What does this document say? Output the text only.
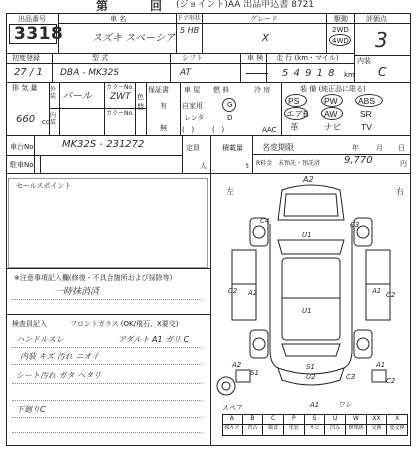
第	回 (ジョイント)AA 出品申込書 8721
出品番号
3318
車 名
スズキ スペーシア
ドア形状
5 HB
グレード
X
駆動
2WD
4WD
評価点
3
初度登録	型 式	シフト	車 検 走 行 (km・マイル)
27 / 1 DBA - MK32S	AT	5 4 9 1 8 km
内装
C
排 気 量
660 cc
外装
内装
パール
カラーNo.
ZWT
カラーNo.
色替
保証書
有
無
車 屋
自家用
レンタ
(   )
燃 料
G
D
(   )
冷 房
AAC
装 備 (純正品に限る)
PS	PW ABS
エアB AW	SR
革	ナビ TV
車台No	MK32S - 231272	定員
人
積載量
t
名変期限	年 月 日
R料金 未預託・預託済 9,770	円
駐車No
セールスポイント
※注意事項記入欄(修復・不具合箇所および採除等)
一時抹消済
検査員記入	フロントガラス (OK/飛石、X要交)
ハンドルスレ	アダルト A1 ガリ C
内装 キズ 汚れ ニオイ
シート汚れ ガタ ヘタリ
下廻りC
左	右
A2
C4	C3
U1
U1
C2 A2
S1
U2	C3
A1 C2
A1
A2
S1
C2
スペア	A1	ワレ
A	B	C	P	S	U	W	XX	X
線キズ	凹凸	腐食	塗装	サビ	凹み	修理跡	交換	要交換
